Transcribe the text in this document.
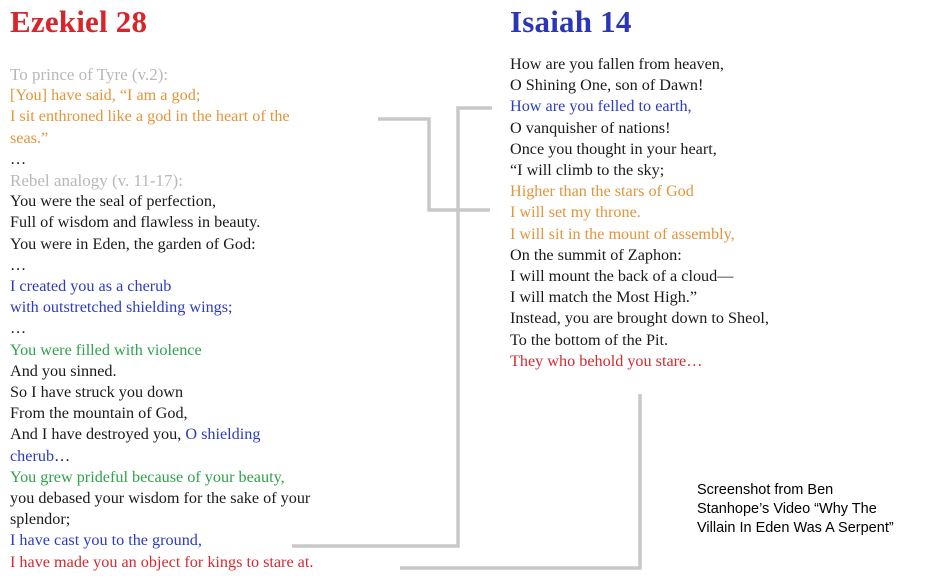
Ezekiel 28
To prince of Tyre (v.2):
[You] have said, “I am a god;
I sit enthroned like a god in the heart of the
seas.”
…
Rebel analogy (v. 11-17):
You were the seal of perfection,
Full of wisdom and flawless in beauty.
You were in Eden, the garden of God:
…
I created you as a cherub
with outstretched shielding wings;
…
You were filled with violence
And you sinned.
So I have struck you down
From the mountain of God,
And I have destroyed you, O shielding
cherub…
You grew prideful because of your beauty,
you debased your wisdom for the sake of your
splendor;
I have cast you to the ground,
I have made you an object for kings to stare at.
Isaiah 14
How are you fallen from heaven,
O Shining One, son of Dawn!
How are you felled to earth,
O vanquisher of nations!
Once you thought in your heart,
“I will climb to the sky;
Higher than the stars of God
I will set my throne.
I will sit in the mount of assembly,
On the summit of Zaphon:
I will mount the back of a cloud—
I will match the Most High.”
Instead, you are brought down to Sheol,
To the bottom of the Pit.
They who behold you stare…
Screenshot from Ben
Stanhope’s Video “Why The
Villain In Eden Was A Serpent”
